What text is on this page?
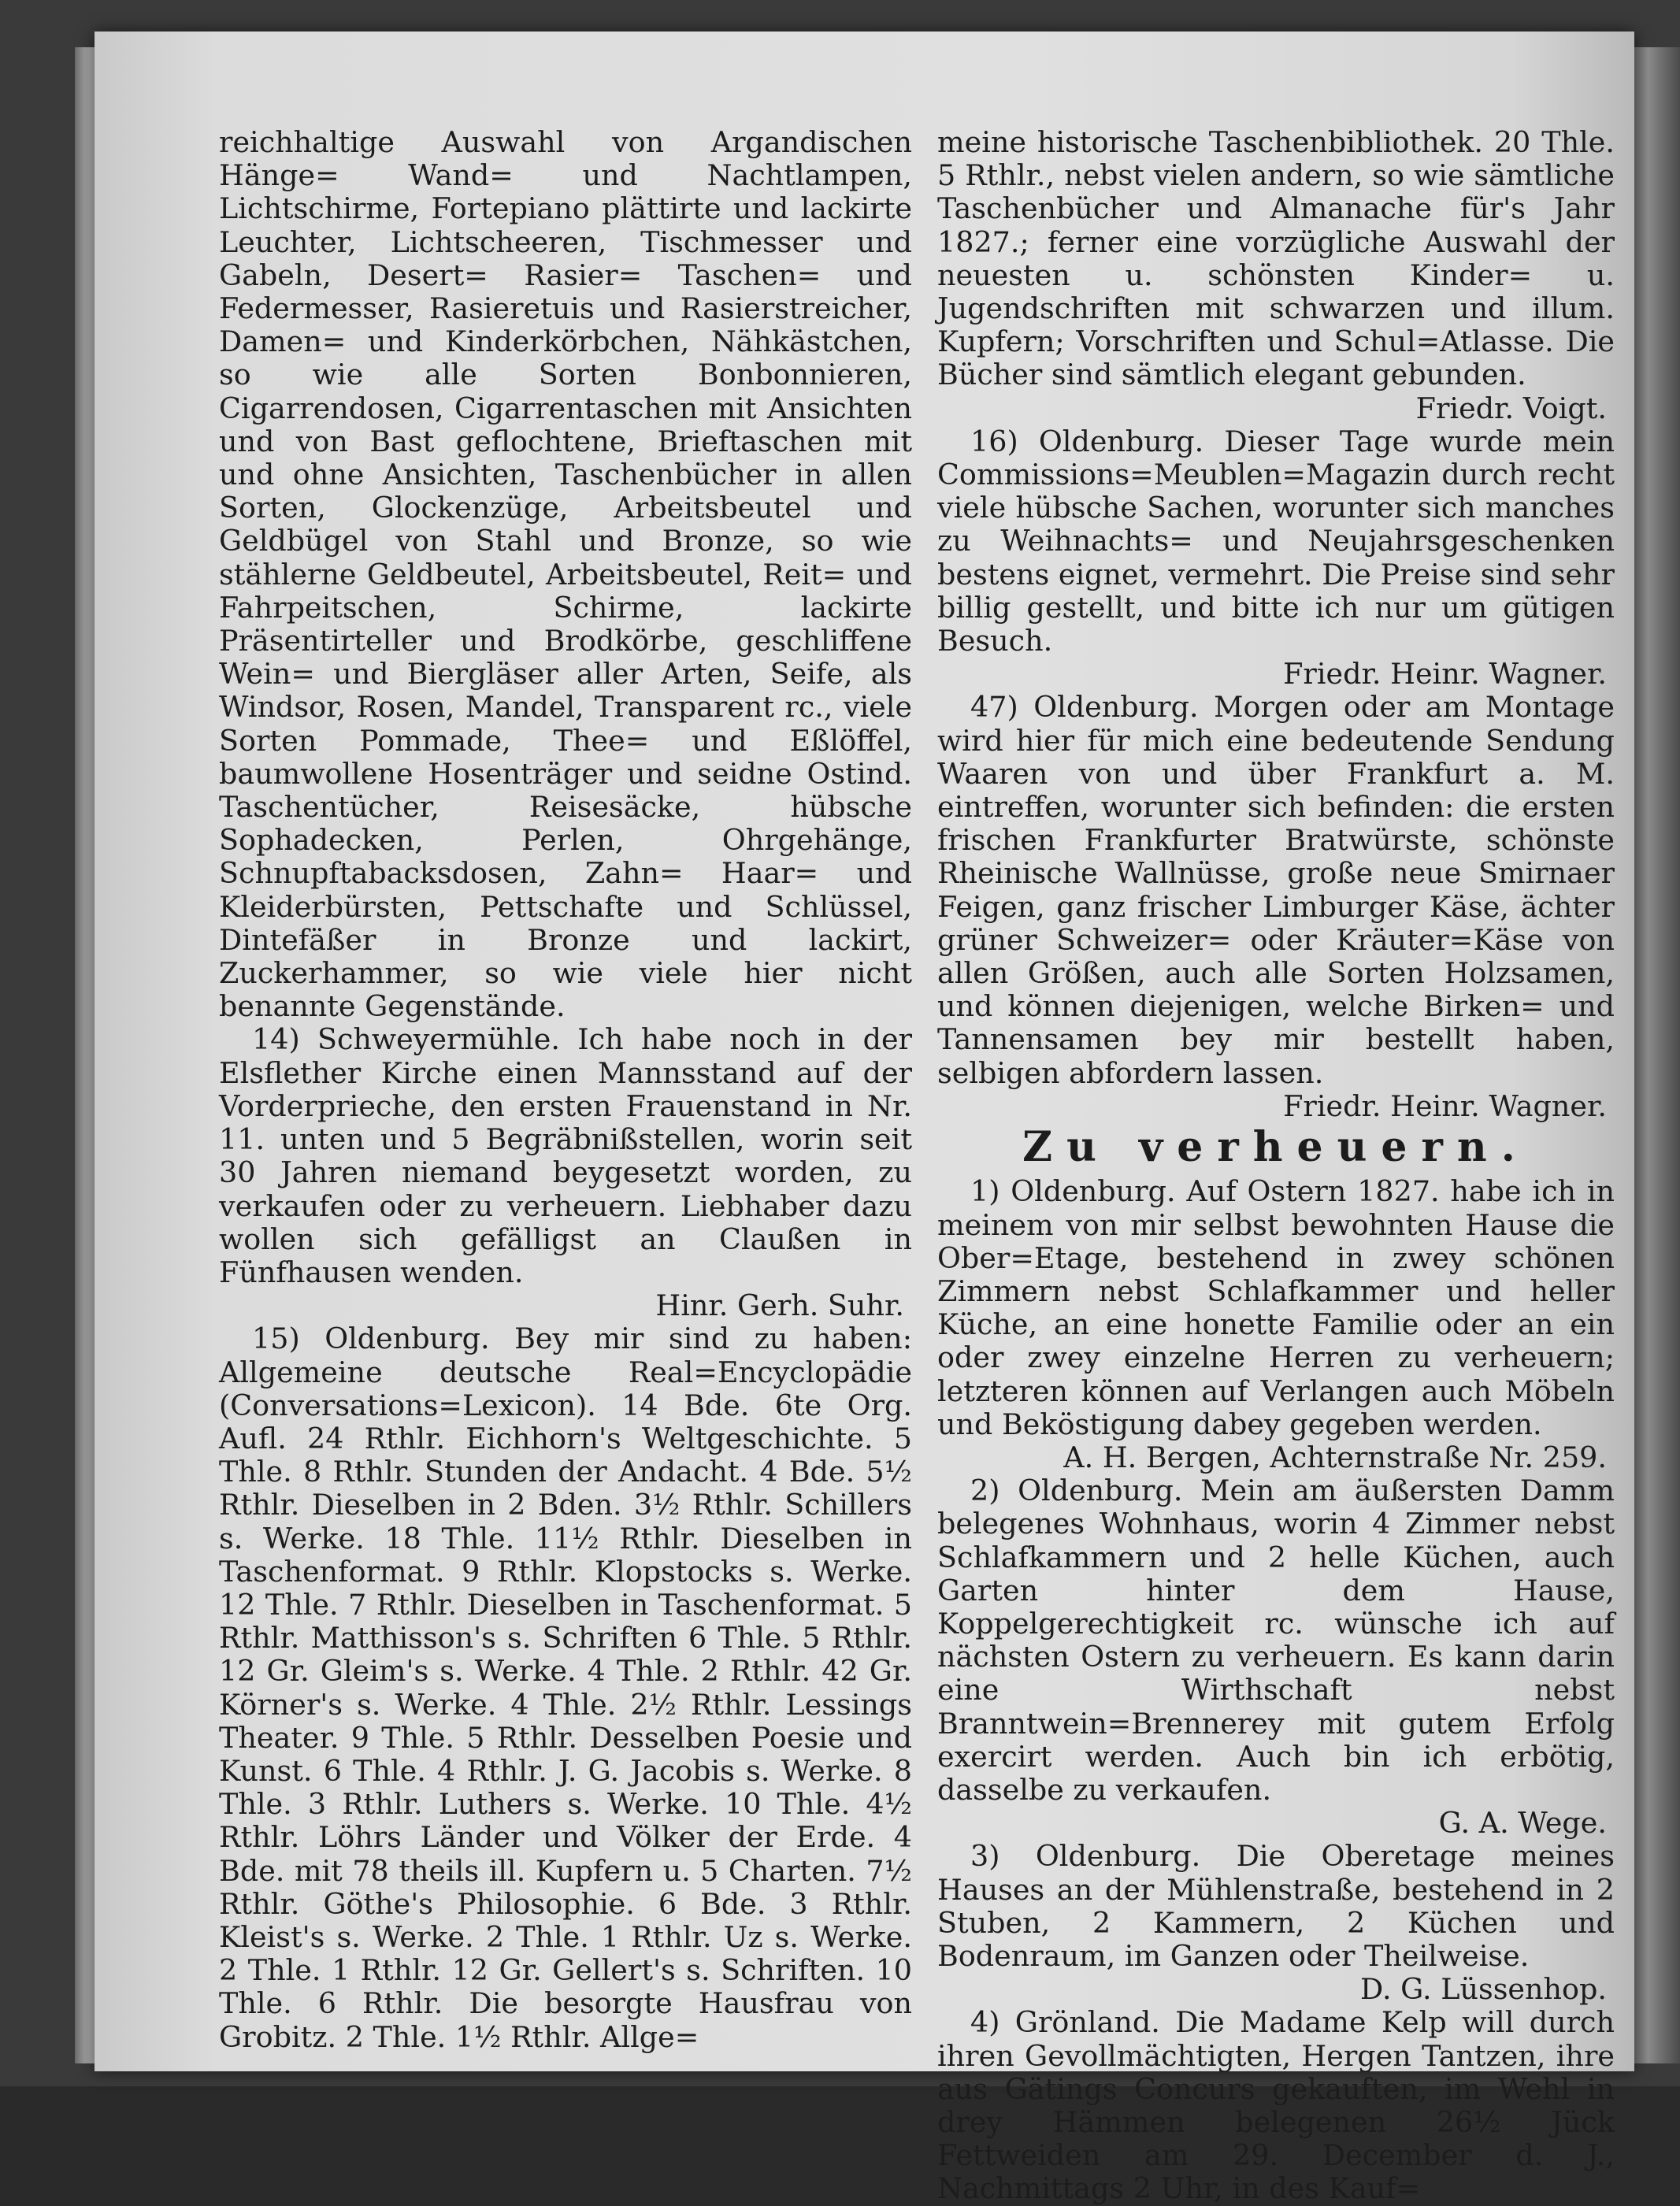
reichhaltige Auswahl von Argandischen Hänge= Wand= und Nachtlampen, Lichtschirme, Fortepiano plättirte und lackirte Leuchter, Lichtscheeren, Tischmesser und Gabeln, Desert= Rasier= Taschen= und Federmesser, Rasieretuis und Rasierstreicher, Damen= und Kinderkörbchen, Nähkästchen, so wie alle Sorten Bonbonnieren, Cigarrendosen, Cigarrentaschen mit Ansichten und von Bast geflochtene, Brieftaschen mit und ohne Ansichten, Taschenbücher in allen Sorten, Glockenzüge, Arbeitsbeutel und Geldbügel von Stahl und Bronze, so wie stählerne Geldbeutel, Arbeitsbeutel, Reit= und Fahrpeitschen, Schirme, lackirte Präsentirteller und Brodkörbe, geschliffene Wein= und Biergläser aller Arten, Seife, als Windsor, Rosen, Mandel, Transparent rc., viele Sorten Pommade, Thee= und Eßlöffel, baumwollene Hosenträger und seidne Ostind. Taschentücher, Reisesäcke, hübsche Sophadecken, Perlen, Ohrgehänge, Schnupftabacksdosen, Zahn= Haar= und Kleiderbürsten, Pettschafte und Schlüssel, Dintefäßer in Bronze und lackirt, Zuckerhammer, so wie viele hier nicht benannte Gegenstände.

14) Schweyermühle. Ich habe noch in der Elsflether Kirche einen Mannsstand auf der Vorderprieche, den ersten Frauenstand in Nr. 11. unten und 5 Begräbnißstellen, worin seit 30 Jahren niemand beygesetzt worden, zu verkaufen oder zu verheuern. Liebhaber dazu wollen sich gefälligst an Claußen in Fünfhausen wenden.

Hinr. Gerh. Suhr.

15) Oldenburg. Bey mir sind zu haben: Allgemeine deutsche Real=Encyclopädie (Conversations=Lexicon). 14 Bde. 6te Org. Aufl. 24 Rthlr. Eichhorn's Weltgeschichte. 5 Thle. 8 Rthlr. Stunden der Andacht. 4 Bde. 5½ Rthlr. Dieselben in 2 Bden. 3½ Rthlr. Schillers s. Werke. 18 Thle. 11½ Rthlr. Dieselben in Taschenformat. 9 Rthlr. Klopstocks s. Werke. 12 Thle. 7 Rthlr. Dieselben in Taschenformat. 5 Rthlr. Matthisson's s. Schriften 6 Thle. 5 Rthlr. 12 Gr. Gleim's s. Werke. 4 Thle. 2 Rthlr. 42 Gr. Körner's s. Werke. 4 Thle. 2½ Rthlr. Lessings Theater. 9 Thle. 5 Rthlr. Desselben Poesie und Kunst. 6 Thle. 4 Rthlr. J. G. Jacobis s. Werke. 8 Thle. 3 Rthlr. Luthers s. Werke. 10 Thle. 4½ Rthlr. Löhrs Länder und Völker der Erde. 4 Bde. mit 78 theils ill. Kupfern u. 5 Charten. 7½ Rthlr. Göthe's Philosophie. 6 Bde. 3 Rthlr. Kleist's s. Werke. 2 Thle. 1 Rthlr. Uz s. Werke. 2 Thle. 1 Rthlr. 12 Gr. Gellert's s. Schriften. 10 Thle. 6 Rthlr. Die besorgte Hausfrau von Grobitz. 2 Thle. 1½ Rthlr. Allge=

meine historische Taschenbibliothek. 20 Thle. 5 Rthlr., nebst vielen andern, so wie sämtliche Taschenbücher und Almanache für's Jahr 1827.; ferner eine vorzügliche Auswahl der neuesten u. schönsten Kinder= u. Jugendschriften mit schwarzen und illum. Kupfern; Vorschriften und Schul=Atlasse. Die Bücher sind sämtlich elegant gebunden.

Friedr. Voigt.

16) Oldenburg. Dieser Tage wurde mein Commissions=Meublen=Magazin durch recht viele hübsche Sachen, worunter sich manches zu Weihnachts= und Neujahrsgeschenken bestens eignet, vermehrt. Die Preise sind sehr billig gestellt, und bitte ich nur um gütigen Besuch.

Friedr. Heinr. Wagner.

47) Oldenburg. Morgen oder am Montage wird hier für mich eine bedeutende Sendung Waaren von und über Frankfurt a. M. eintreffen, worunter sich befinden: die ersten frischen Frankfurter Bratwürste, schönste Rheinische Wallnüsse, große neue Smirnaer Feigen, ganz frischer Limburger Käse, ächter grüner Schweizer= oder Kräuter=Käse von allen Größen, auch alle Sorten Holzsamen, und können diejenigen, welche Birken= und Tannensamen bey mir bestellt haben, selbigen abfordern lassen.

Friedr. Heinr. Wagner.

Zu verheuern.

1) Oldenburg. Auf Ostern 1827. habe ich in meinem von mir selbst bewohnten Hause die Ober=Etage, bestehend in zwey schönen Zimmern nebst Schlafkammer und heller Küche, an eine honette Familie oder an ein oder zwey einzelne Herren zu verheuern; letzteren können auf Verlangen auch Möbeln und Beköstigung dabey gegeben werden.

A. H. Bergen, Achternstraße Nr. 259.

2) Oldenburg. Mein am äußersten Damm belegenes Wohnhaus, worin 4 Zimmer nebst Schlafkammern und 2 helle Küchen, auch Garten hinter dem Hause, Koppelgerechtigkeit rc. wünsche ich auf nächsten Ostern zu verheuern. Es kann darin eine Wirthschaft nebst Branntwein=Brennerey mit gutem Erfolg exercirt werden. Auch bin ich erbötig, dasselbe zu verkaufen.

G. A. Wege.

3) Oldenburg. Die Oberetage meines Hauses an der Mühlenstraße, bestehend in 2 Stuben, 2 Kammern, 2 Küchen und Bodenraum, im Ganzen oder Theilweise.

D. G. Lüssenhop.

4) Grönland. Die Madame Kelp will durch ihren Gevollmächtigten, Hergen Tantzen, ihre aus Gätings Concurs gekauften, im Wehl in drey Hämmen belegenen 26½ Jück Fettweiden am 29. December d. J., Nachmittags 2 Uhr, in des Kauf=
